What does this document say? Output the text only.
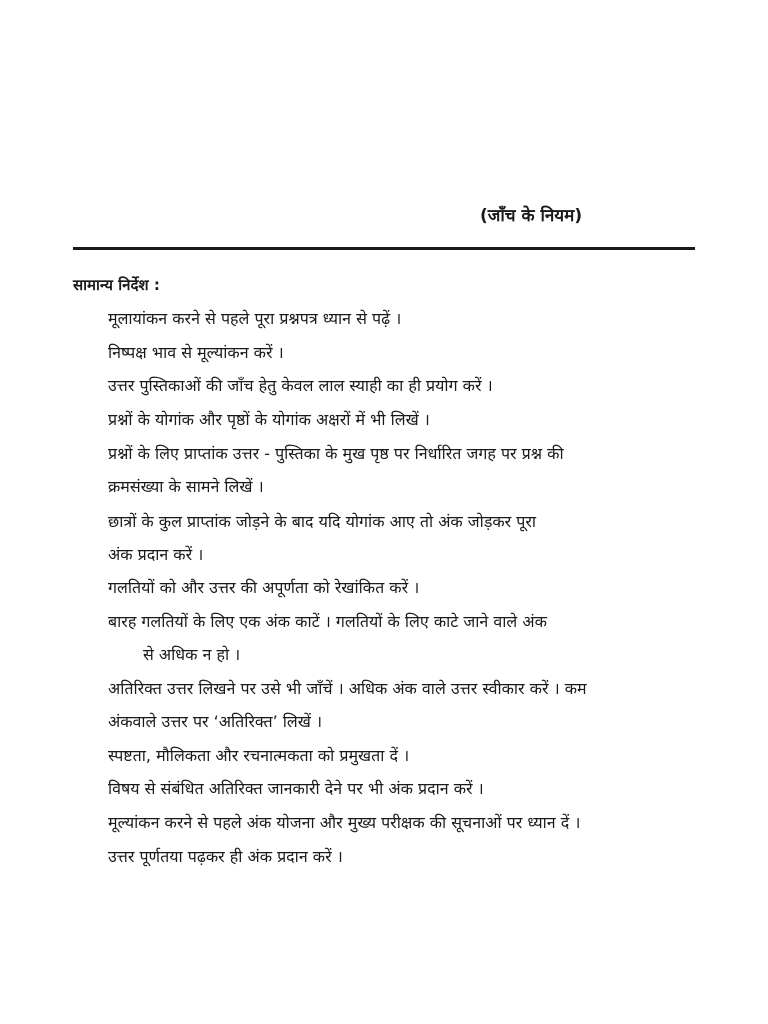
(जाँच के नियम)
सामान्य निर्देश :
मूलायांकन करने से पहले पूरा प्रश्नपत्र ध्यान से पढ़ें ।
निष्पक्ष भाव से मूल्यांकन करें ।
उत्तर पुस्तिकाओं की जाँच हेतु केवल लाल स्याही का ही प्रयोग करें ।
प्रश्नों के योगांक और पृष्ठों के योगांक अक्षरों में भी लिखें ।
प्रश्नों के लिए प्राप्तांक उत्तर - पुस्तिका के मुख पृष्ठ पर निर्धारित जगह पर प्रश्न की
क्रमसंख्या के सामने लिखें ।
छात्रों के कुल प्राप्तांक जोड़ने के बाद यदि योगांक आए तो अंक जोड़कर पूरा
अंक प्रदान करें ।
गलतियों को और उत्तर की अपूर्णता को रेखांकित करें ।
बारह गलतियों के लिए एक अंक काटें । गलतियों के लिए काटे जाने वाले अंक
से अधिक न हो ।
अतिरिक्त उत्तर लिखने पर उसे भी जाँचें । अधिक अंक वाले उत्तर स्वीकार करें । कम
अंकवाले उत्तर पर ‘अतिरिक्त’ लिखें ।
स्पष्टता, मौलिकता और रचनात्मकता को प्रमुखता दें ।
विषय से संबंधित अतिरिक्त जानकारी देने पर भी अंक प्रदान करें ।
मूल्यांकन करने से पहले अंक योजना और मुख्य परीक्षक की सूचनाओं पर ध्यान दें ।
उत्तर पूर्णतया पढ़कर ही अंक प्रदान करें ।
